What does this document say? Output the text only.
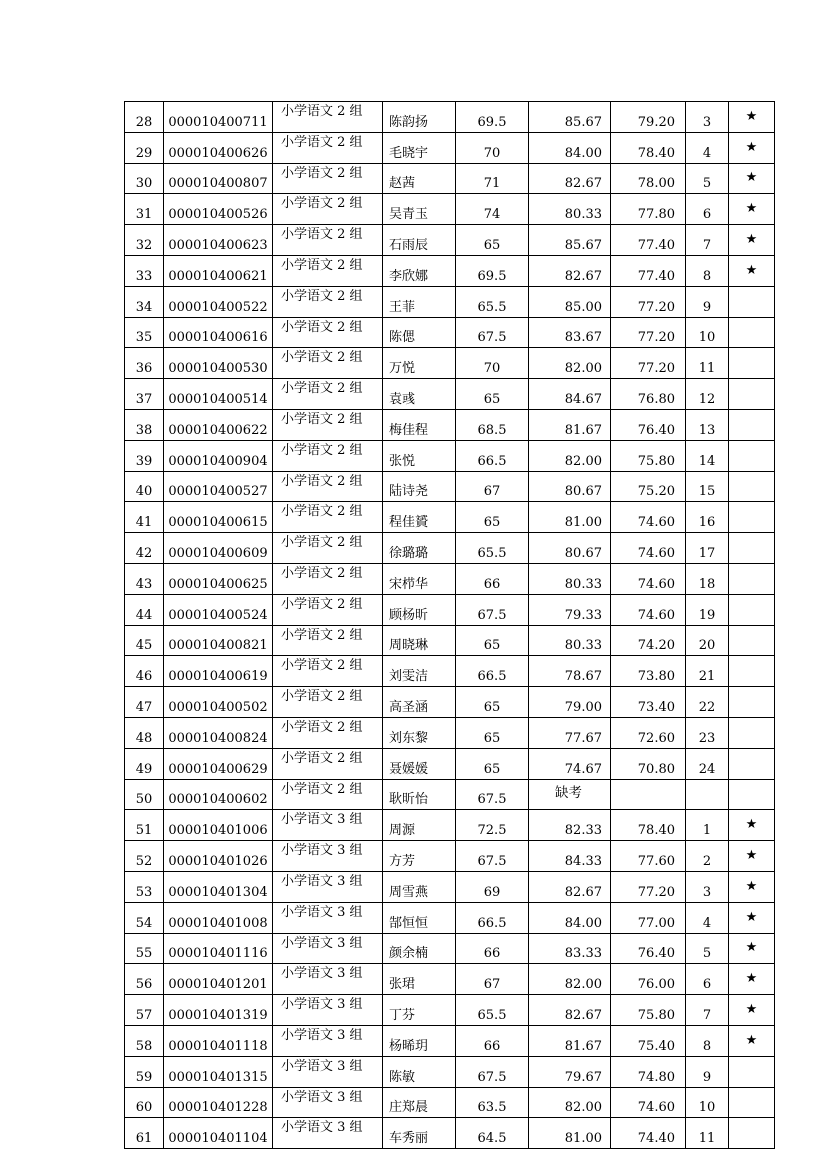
28	000010400711	小学语文 2 组	陈韵扬	69.5	85.67	79.20	3	★
29	000010400626	小学语文 2 组	毛晓宇	70	84.00	78.40	4	★
30	000010400807	小学语文 2 组	赵茜	71	82.67	78.00	5	★
31	000010400526	小学语文 2 组	吴青玉	74	80.33	77.80	6	★
32	000010400623	小学语文 2 组	石雨辰	65	85.67	77.40	7	★
33	000010400621	小学语文 2 组	李欣娜	69.5	82.67	77.40	8	★
34	000010400522	小学语文 2 组	王菲	65.5	85.00	77.20	9	
35	000010400616	小学语文 2 组	陈偲	67.5	83.67	77.20	10	
36	000010400530	小学语文 2 组	万悦	70	82.00	77.20	11	
37	000010400514	小学语文 2 组	袁彧	65	84.67	76.80	12	
38	000010400622	小学语文 2 组	梅佳程	68.5	81.67	76.40	13	
39	000010400904	小学语文 2 组	张悦	66.5	82.00	75.80	14	
40	000010400527	小学语文 2 组	陆诗尧	67	80.67	75.20	15	
41	000010400615	小学语文 2 组	程佳贇	65	81.00	74.60	16	
42	000010400609	小学语文 2 组	徐璐璐	65.5	80.67	74.60	17	
43	000010400625	小学语文 2 组	宋栉华	66	80.33	74.60	18	
44	000010400524	小学语文 2 组	顾杨昕	67.5	79.33	74.60	19	
45	000010400821	小学语文 2 组	周晓琳	65	80.33	74.20	20	
46	000010400619	小学语文 2 组	刘雯洁	66.5	78.67	73.80	21	
47	000010400502	小学语文 2 组	高圣涵	65	79.00	73.40	22	
48	000010400824	小学语文 2 组	刘东黎	65	77.67	72.60	23	
49	000010400629	小学语文 2 组	聂媛媛	65	74.67	70.80	24	
50	000010400602	小学语文 2 组	耿昕怡	67.5	缺考			
51	000010401006	小学语文 3 组	周源	72.5	82.33	78.40	1	★
52	000010401026	小学语文 3 组	方芳	67.5	84.33	77.60	2	★
53	000010401304	小学语文 3 组	周雪燕	69	82.67	77.20	3	★
54	000010401008	小学语文 3 组	郜恒恒	66.5	84.00	77.00	4	★
55	000010401116	小学语文 3 组	颜余楠	66	83.33	76.40	5	★
56	000010401201	小学语文 3 组	张珺	67	82.00	76.00	6	★
57	000010401319	小学语文 3 组	丁芬	65.5	82.67	75.80	7	★
58	000010401118	小学语文 3 组	杨晞玥	66	81.67	75.40	8	★
59	000010401315	小学语文 3 组	陈敏	67.5	79.67	74.80	9	
60	000010401228	小学语文 3 组	庄郑晨	63.5	82.00	74.60	10	
61	000010401104	小学语文 3 组	车秀丽	64.5	81.00	74.40	11	
